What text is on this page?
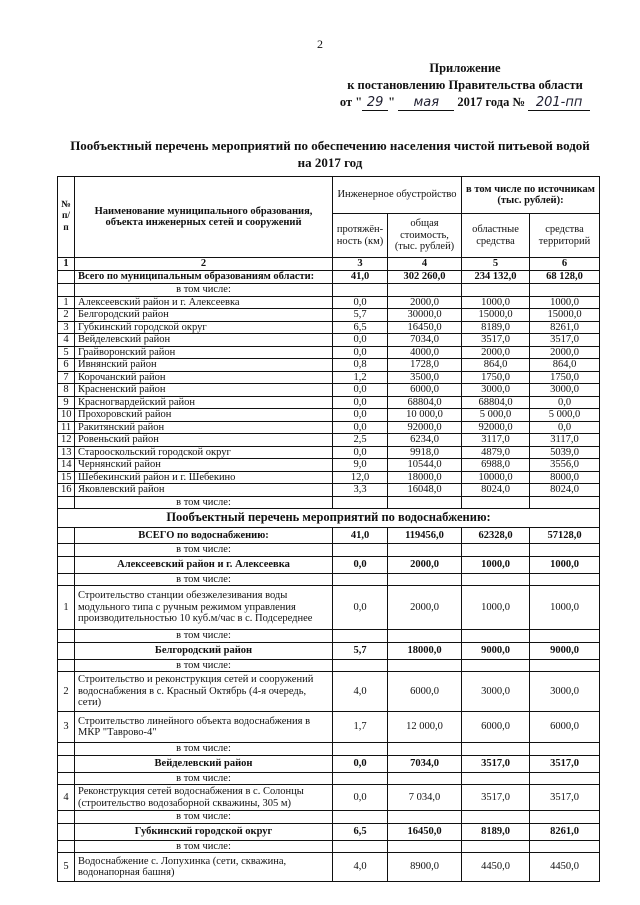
2
Приложение
к постановлению Правительства области
от " 29 " мая 2017 года № 201-пп
Пообъектный перечень мероприятий по обеспечению населения чистой питьевой водой
на 2017 год
№ п/п	Наименование муниципального образования, объекта инженерных сетей и сооружений	Инженерное обустройство		в том числе по источникам (тыс. рублей):	
		протяжён-ность (км)	общая стоимость, (тыс. рублей)	областные средства	средства территорий
1	2	3	4	5	6
	Всего по муниципальным образованиям области:	41,0	302 260,0	234 132,0	68 128,0
	в том числе:				
1	Алексеевский район и г. Алексеевка	0,0	2000,0	1000,0	1000,0
2	Белгородский район	5,7	30000,0	15000,0	15000,0
3	Губкинский городской округ	6,5	16450,0	8189,0	8261,0
4	Вейделевский район	0,0	7034,0	3517,0	3517,0
5	Грайворонский район	0,0	4000,0	2000,0	2000,0
6	Ивнянский район	0,8	1728,0	864,0	864,0
7	Корочанский район	1,2	3500,0	1750,0	1750,0
8	Красненский район	0,0	6000,0	3000,0	3000,0
9	Красногвардейский район	0,0	68804,0	68804,0	0,0
10	Прохоровский район	0,0	10 000,0	5 000,0	5 000,0
11	Ракитянский район	0,0	92000,0	92000,0	0,0
12	Ровеньский район	2,5	6234,0	3117,0	3117,0
13	Старооскольский городской округ	0,0	9918,0	4879,0	5039,0
14	Чернянский район	9,0	10544,0	6988,0	3556,0
15	Шебекинский район и г. Шебекино	12,0	18000,0	10000,0	8000,0
16	Яковлевский район	3,3	16048,0	8024,0	8024,0
	в том числе:				
Пообъектный перечень мероприятий по водоснабжению:					
	ВСЕГО по водоснабжению:	41,0	119456,0	62328,0	57128,0
	в том числе:				
	Алексеевский район и г. Алексеевка	0,0	2000,0	1000,0	1000,0
	в том числе:				
1	Строительство станции обезжелезивания воды модульного типа с ручным режимом управления производительностью 10 куб.м/час в с. Подсереднее	0,0	2000,0	1000,0	1000,0
	в том числе:				
	Белгородский район	5,7	18000,0	9000,0	9000,0
	в том числе:				
2	Строительство и реконструкция сетей и сооружений водоснабжения в с. Красный Октябрь (4-я очередь, сети)	4,0	6000,0	3000,0	3000,0
3	Строительство линейного объекта водоснабжения в МКР "Таврово-4"	1,7	12 000,0	6000,0	6000,0
	в том числе:				
	Вейделевский район	0,0	7034,0	3517,0	3517,0
	в том числе:				
4	Реконструкция сетей водоснабжения в с. Солонцы (строительство водозаборной скважины, 305 м)	0,0	7 034,0	3517,0	3517,0
	в том числе:				
	Губкинский городской округ	6,5	16450,0	8189,0	8261,0
	в том числе:				
5	Водоснабжение с. Лопухинка (сети, скважина, водонапорная башня)	4,0	8900,0	4450,0	4450,0
